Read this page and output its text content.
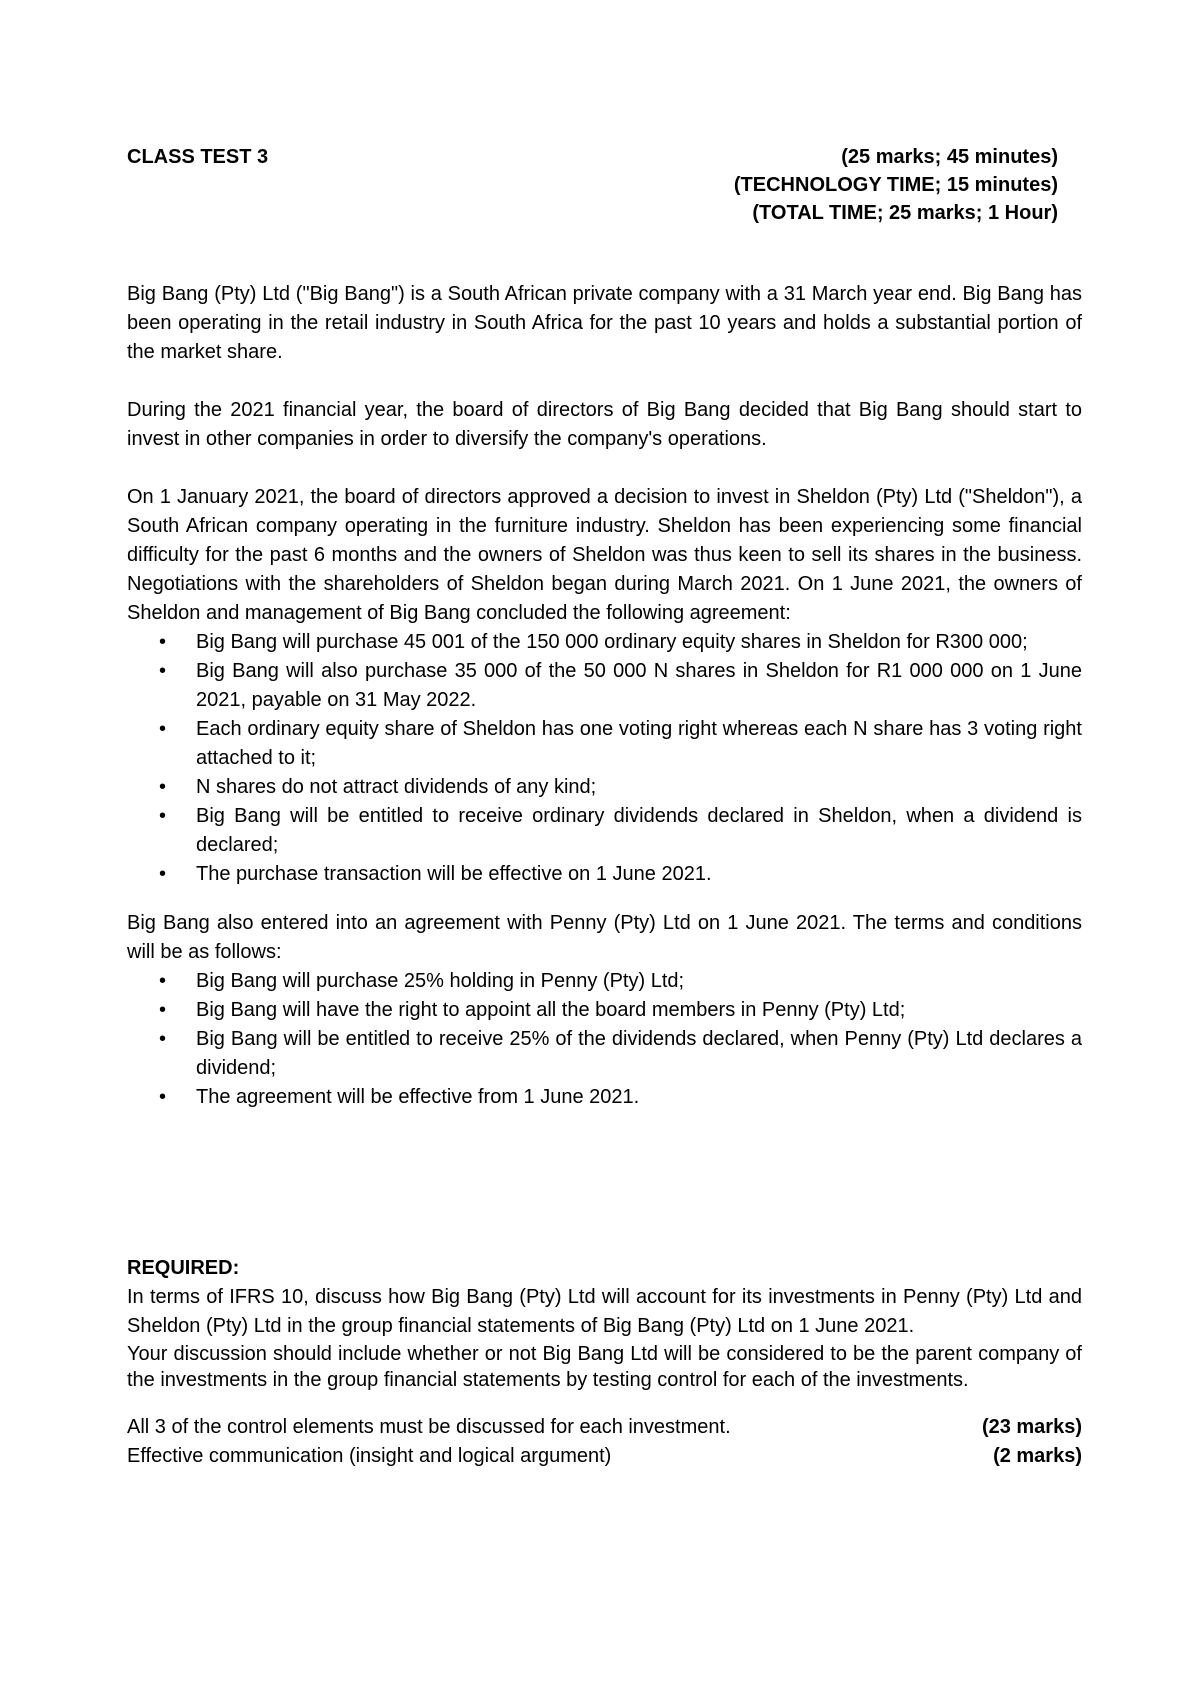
CLASS TEST 3	(25 marks; 45 minutes)
(TECHNOLOGY TIME; 15 minutes)
(TOTAL TIME; 25 marks; 1 Hour)

Big Bang (Pty) Ltd ("Big Bang") is a South African private company with a 31 March year end. Big Bang has been operating in the retail industry in South Africa for the past 10 years and holds a substantial portion of the market share.

During the 2021 financial year, the board of directors of Big Bang decided that Big Bang should start to invest in other companies in order to diversify the company's operations.

On 1 January 2021, the board of directors approved a decision to invest in Sheldon (Pty) Ltd ("Sheldon"), a South African company operating in the furniture industry. Sheldon has been experiencing some financial difficulty for the past 6 months and the owners of Sheldon was thus keen to sell its shares in the business. Negotiations with the shareholders of Sheldon began during March 2021. On 1 June 2021, the owners of Sheldon and management of Big Bang concluded the following agreement:

• Big Bang will purchase 45 001 of the 150 000 ordinary equity shares in Sheldon for R300 000;
• Big Bang will also purchase 35 000 of the 50 000 N shares in Sheldon for R1 000 000 on 1 June 2021, payable on 31 May 2022.
• Each ordinary equity share of Sheldon has one voting right whereas each N share has 3 voting right attached to it;
• N shares do not attract dividends of any kind;
• Big Bang will be entitled to receive ordinary dividends declared in Sheldon, when a dividend is declared;
• The purchase transaction will be effective on 1 June 2021.

Big Bang also entered into an agreement with Penny (Pty) Ltd on 1 June 2021. The terms and conditions will be as follows:

• Big Bang will purchase 25% holding in Penny (Pty) Ltd;
• Big Bang will have the right to appoint all the board members in Penny (Pty) Ltd;
• Big Bang will be entitled to receive 25% of the dividends declared, when Penny (Pty) Ltd declares a dividend;
• The agreement will be effective from 1 June 2021.

REQUIRED:

In terms of IFRS 10, discuss how Big Bang (Pty) Ltd will account for its investments in Penny (Pty) Ltd and Sheldon (Pty) Ltd in the group financial statements of Big Bang (Pty) Ltd on 1 June 2021.

Your discussion should include whether or not Big Bang Ltd will be considered to be the parent company of the investments in the group financial statements by testing control for each of the investments.

All 3 of the control elements must be discussed for each investment.	(23 marks)
Effective communication (insight and logical argument)	(2 marks)
